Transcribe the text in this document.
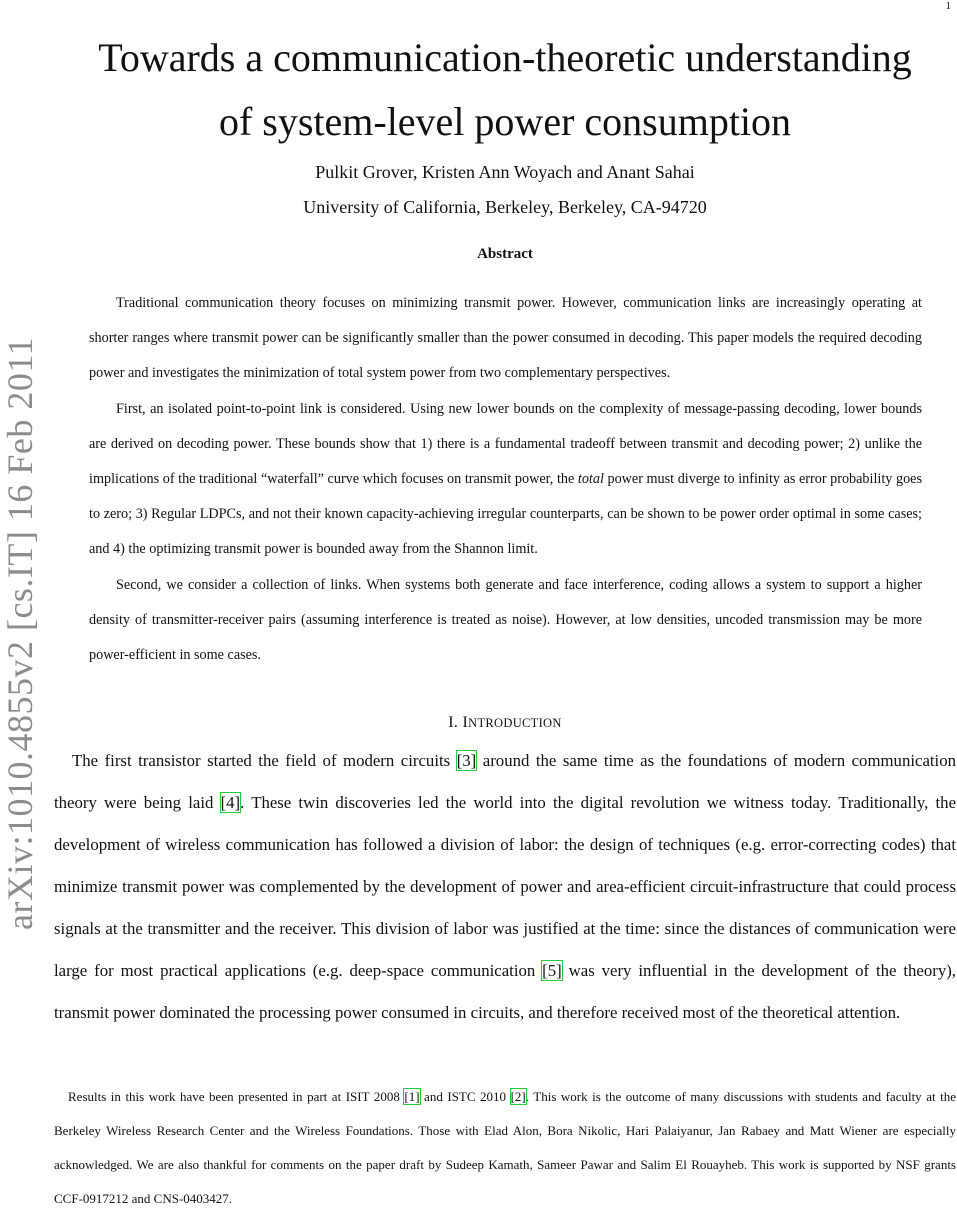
1
arXiv:1010.4855v2 [cs.IT] 16 Feb 2011
Towards a communication-theoretic understanding
of system-level power consumption
Pulkit Grover, Kristen Ann Woyach and Anant Sahai
University of California, Berkeley, Berkeley, CA-94720
Abstract

Traditional communication theory focuses on minimizing transmit power. However, communication links are increasingly operating at shorter ranges where transmit power can be significantly smaller than the power consumed in decoding. This paper models the required decoding power and investigates the minimization of total system power from two complementary perspectives.

First, an isolated point-to-point link is considered. Using new lower bounds on the complexity of message-passing decoding, lower bounds are derived on decoding power. These bounds show that 1) there is a fundamental tradeoff between transmit and decoding power; 2) unlike the implications of the traditional “waterfall” curve which focuses on transmit power, the total power must diverge to infinity as error probability goes to zero; 3) Regular LDPCs, and not their known capacity-achieving irregular counterparts, can be shown to be power order optimal in some cases; and 4) the optimizing transmit power is bounded away from the Shannon limit.

Second, we consider a collection of links. When systems both generate and face interference, coding allows a system to support a higher density of transmitter-receiver pairs (assuming interference is treated as noise). However, at low densities, uncoded transmission may be more power-efficient in some cases.

I. INTRODUCTION

The first transistor started the field of modern circuits [3] around the same time as the foundations of modern communication theory were being laid [4]. These twin discoveries led the world into the digital revolution we witness today. Traditionally, the development of wireless communication has followed a division of labor: the design of techniques (e.g. error-correcting codes) that minimize transmit power was complemented by the development of power and area-efficient circuit-infrastructure that could process signals at the transmitter and the receiver. This division of labor was justified at the time: since the distances of communication were large for most practical applications (e.g. deep-space communication [5] was very influential in the development of the theory), transmit power dominated the processing power consumed in circuits, and therefore received most of the theoretical attention.

Results in this work have been presented in part at ISIT 2008 [1] and ISTC 2010 [2]. This work is the outcome of many discussions with students and faculty at the Berkeley Wireless Research Center and the Wireless Foundations. Those with Elad Alon, Bora Nikolic, Hari Palaiyanur, Jan Rabaey and Matt Wiener are especially acknowledged. We are also thankful for comments on the paper draft by Sudeep Kamath, Sameer Pawar and Salim El Rouayheb. This work is supported by NSF grants CCF-0917212 and CNS-0403427.
